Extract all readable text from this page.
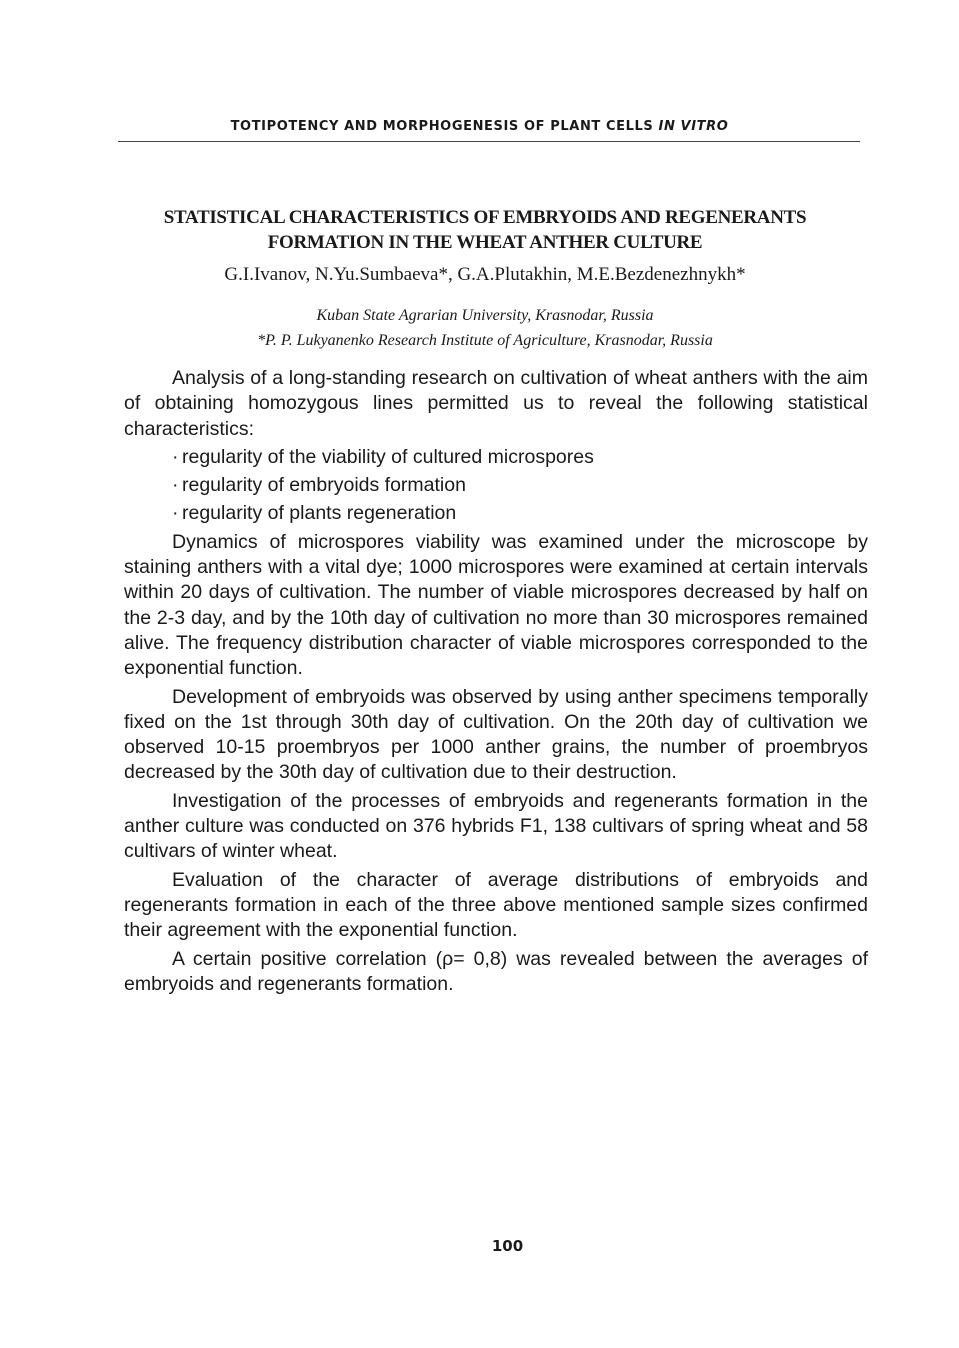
TOTIPOTENCY AND MORPHOGENESIS OF PLANT CELLS IN VITRO
STATISTICAL CHARACTERISTICS OF EMBRYOIDS AND REGENERANTS
FORMATION IN THE WHEAT ANTHER CULTURE
G.I.Ivanov, N.Yu.Sumbaeva*, G.A.Plutakhin, M.E.Bezdenezhnykh*
Kuban State Agrarian University, Krasnodar, Russia
*P. P. Lukyanenko Research Institute of Agriculture, Krasnodar, Russia

Analysis of a long-standing research on cultivation of wheat anthers with the aim of obtaining homozygous lines permitted us to reveal the following statistical characteristics:

· regularity of the viability of cultured microspores
· regularity of embryoids formation
· regularity of plants regeneration

Dynamics of microspores viability was examined under the microscope by staining anthers with a vital dye; 1000 microspores were examined at certain intervals within 20 days of cultivation. The number of viable microspores decreased by half on the 2-3 day, and by the 10th day of cultivation no more than 30 microspores remained alive. The frequency distribution character of viable microspores corresponded to the exponential function.

Development of embryoids was observed by using anther specimens temporally fixed on the 1st through 30th day of cultivation. On the 20th day of cultivation we observed 10-15 proembryos per 1000 anther grains, the number of proembryos decreased by the 30th day of cultivation due to their destruction.

Investigation of the processes of embryoids and regenerants formation in the anther culture was conducted on 376 hybrids F1, 138 cultivars of spring wheat and 58 cultivars of winter wheat.

Evaluation of the character of average distributions of embryoids and regenerants formation in each of the three above mentioned sample sizes confirmed their agreement with the exponential function.

A certain positive correlation (ρ= 0,8) was revealed between the averages of embryoids and regenerants formation.

100
